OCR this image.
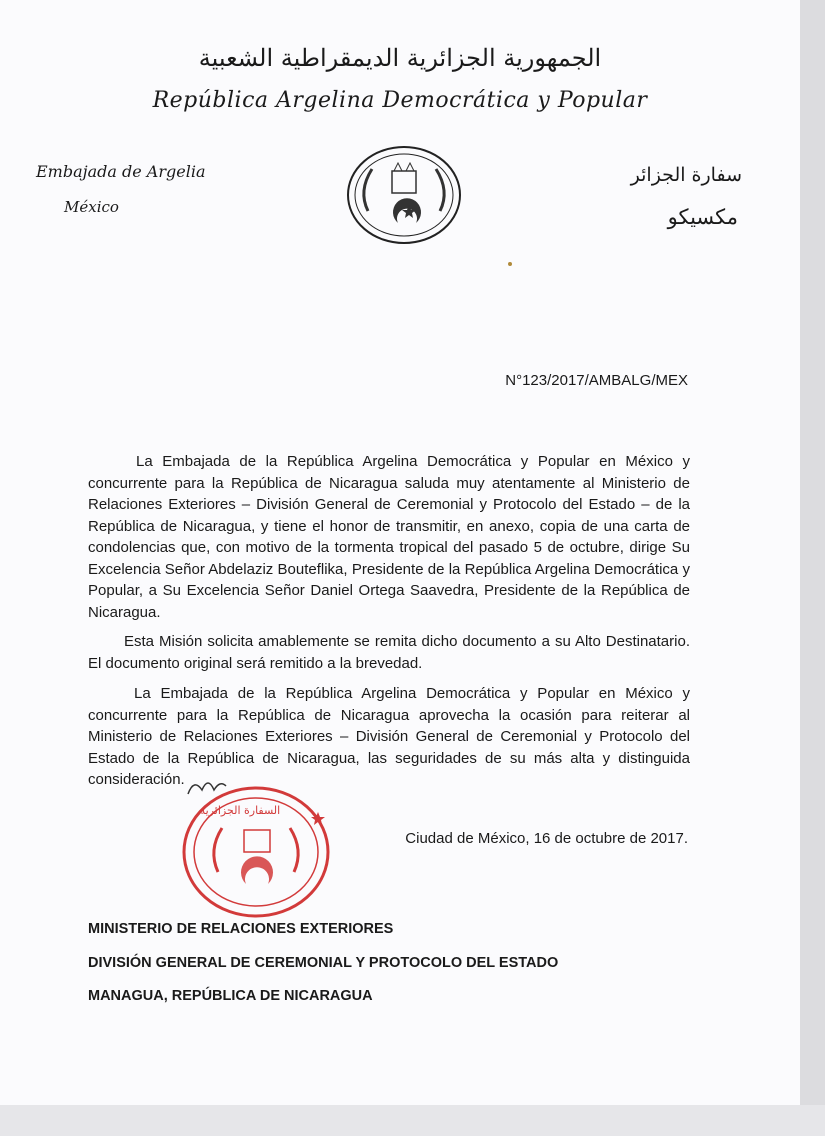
الجمهورية الجزائرية الديمقراطية الشعبية
República Argelina Democrática y Popular
Embajada de Argelia
México
سفارة الجزائر
مكسيكو
N°123/2017/AMBALG/MEX

La Embajada de la República Argelina Democrática y Popular en México y concurrente para la República de Nicaragua saluda muy atentamente al Ministerio de Relaciones Exteriores – División General de Ceremonial y Protocolo del Estado – de la República de Nicaragua, y tiene el honor de transmitir, en anexo, copia de una carta de condolencias que, con motivo de la tormenta tropical del pasado 5 de octubre, dirige Su Excelencia Señor Abdelaziz Bouteflika, Presidente de la República Argelina Democrática y Popular, a Su Excelencia Señor Daniel Ortega Saavedra, Presidente de la República de Nicaragua.

Esta Misión solicita amablemente se remita dicho documento a su Alto Destinatario. El documento original será remitido a la brevedad.

La Embajada de la República Argelina Democrática y Popular en México y concurrente para la República de Nicaragua aprovecha la ocasión para reiterar al Ministerio de Relaciones Exteriores – División General de Ceremonial y Protocolo del Estado de la República de Nicaragua, las seguridades de su más alta y distinguida consideración.

السفارة الجزائرية
Ciudad de México, 16 de octubre de 2017.
MINISTERIO DE RELACIONES EXTERIORES
DIVISIÓN GENERAL DE CEREMONIAL Y PROTOCOLO DEL ESTADO
MANAGUA, REPÚBLICA DE NICARAGUA
